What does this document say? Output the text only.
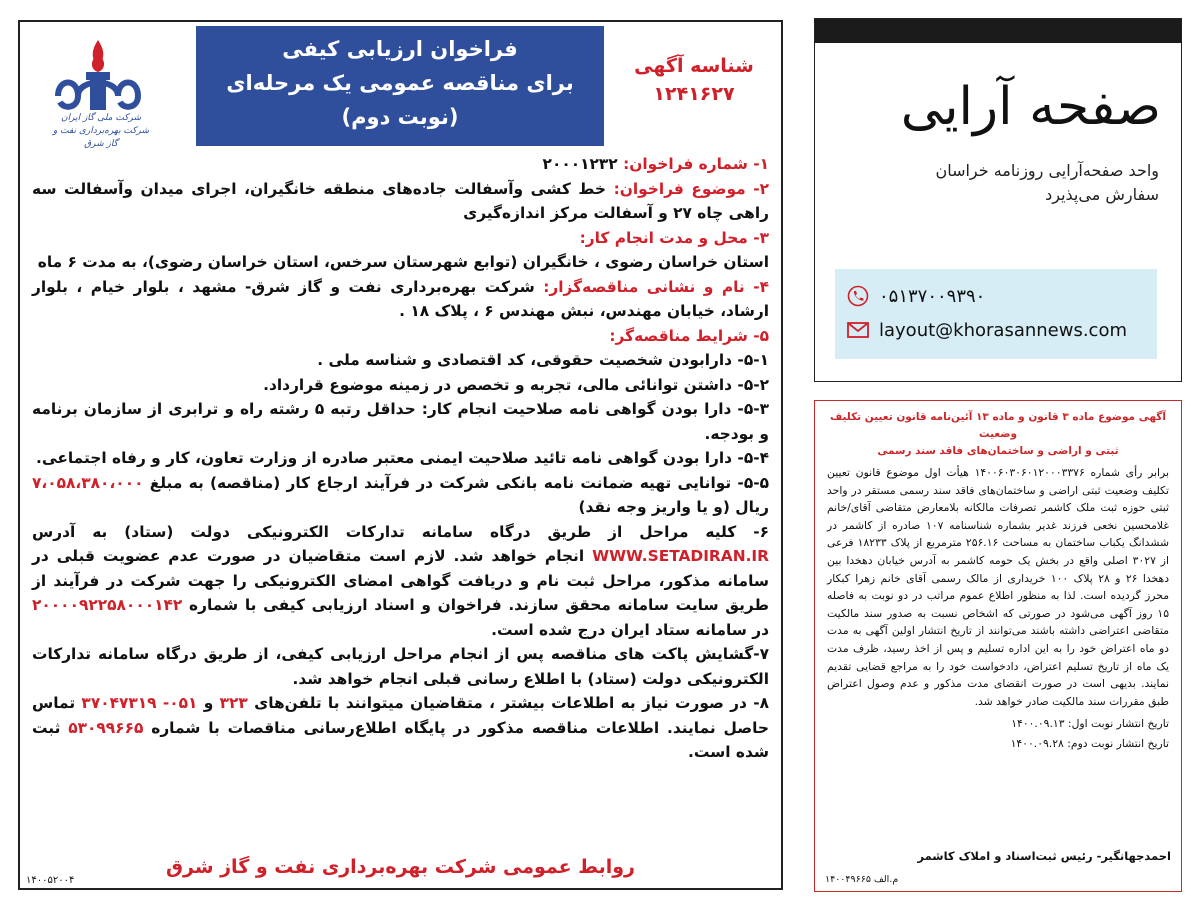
شرکت ملی گاز ایران
شرکت بهره‌برداری نفت و گاز شرق
فراخوان ارزیابی کیفی
برای مناقصه عمومی یک مرحله‌ای
(نوبت دوم)
شناسه آگهی
۱۲۴۱۶۲۷

۱- شماره فراخوان: ۲۰۰۰۱۲۳۲

۲- موضوع فراخوان: خط کشی وآسفالت جاده‌های منطقه خانگیران، اجرای میدان وآسفالت سه راهی چاه ۲۷ و آسفالت مرکز اندازه‌گیری

۳- محل و مدت انجام کار:

استان خراسان رضوی ، خانگیران (توابع شهرستان سرخس، استان خراسان رضوی)، به مدت ۶ ماه

۴- نام و نشانی مناقصه‌گزار: شرکت بهره‌برداری نفت و گاز شرق- مشهد ، بلوار خیام ، بلوار ارشاد، خیابان مهندس، نبش مهندس ۶ ، پلاک ۱۸ .

۵- شرایط مناقصه‌گر:

۵-۱- دارابودن شخصیت حقوقی، کد اقتصادی و شناسه ملی .

۵-۲- داشتن توانائی مالی، تجربه و تخصص در زمینه موضوع قرارداد.

۵-۳- دارا بودن گواهی نامه صلاحیت انجام کار: حداقل رتبه ۵ رشته راه و ترابری از سازمان برنامه و بودجه.

۵-۴- دارا بودن گواهی نامه تائید صلاحیت ایمنی معتبر صادره از وزارت تعاون، کار و رفاه اجتماعی.

۵-۵- توانایی تهیه ضمانت نامه بانکی شرکت در فرآیند ارجاع کار (مناقصه) به مبلغ ۷،۰۵۸،۳۸۰،۰۰۰ ریال (و یا واریز وجه نقد)

۶- کلیه مراحل از طریق درگاه سامانه تدارکات الکترونیکی دولت (ستاد) به آدرس WWW.SETADIRAN.IR انجام خواهد شد. لازم است متقاضیان در صورت عدم عضویت قبلی در سامانه مذکور، مراحل ثبت نام و دریافت گواهی امضای الکترونیکی را جهت شرکت در فرآیند از طریق سایت سامانه محقق سازند. فراخوان و اسناد ارزیابی کیفی با شماره ۲۰۰۰۰۹۲۲۵۸۰۰۰۱۴۲ در سامانه ستاد ایران درج شده است.

۷-گشایش پاکت های مناقصه پس از انجام مراحل ارزیابی کیفی، از طریق درگاه سامانه تدارکات الکترونیکی دولت (ستاد) با اطلاع رسانی قبلی انجام خواهد شد.

۸- در صورت نیاز به اطلاعات بیشتر ، متقاضیان میتوانند با تلفن‌های ۳۲۳ و ۰۵۱- ۳۷۰۴۷۳۱۹ تماس حاصل نمایند. اطلاعات مناقصه مذکور در پایگاه اطلاع‌رسانی مناقصات با شماره ۵۳۰۹۹۶۶۵ ثبت شده است.

روابط عمومی شرکت بهره‌برداری نفت و گاز شرق
۱۴۰۰۵۲۰۰۴
صفحه آرایی
واحد صفحه‌آرایی روزنامه خراسان
سفارش می‌پذیرد
۰۵۱۳۷۰۰۹۳۹۰
layout@khorasannews.com
آگهی موضوع ماده ۳ قانون و ماده ۱۳ آئین‌نامه قانون تعیین تکلیف وضعیت
ثبتی و اراضی و ساختمان‌های فاقد سند رسمی
برابر رأی شماره ۱۴۰۰۶۰۳۰۶۰۱۲۰۰۰۳۳۷۶ هیأت اول موضوع قانون تعیین تکلیف وضعیت ثبتی اراضی و ساختمان‌های فاقد سند رسمی مستقر در واحد ثبتی حوزه ثبت ملک کاشمر تصرفات مالکانه بلامعارض متقاضی آقای/خانم غلامحسین نخعی فرزند غدیر بشماره شناسنامه ۱۰۷ صادره از کاشمر در ششدانگ یکباب ساختمان به مساحت ۲۵۶.۱۶ مترمربع از پلاک ۱۸۲۳۳ فرعی از ۳۰۲۷ اصلی واقع در بخش یک حومه کاشمر به آدرس خیابان دهخدا بین دهخدا ۲۶ و ۲۸ پلاک ۱۰۰ خریداری از مالک رسمی آقای خانم زهرا کبکار محرز گردیده است. لذا به منظور اطلاع عموم مراتب در دو نوبت به فاصله ۱۵ روز آگهی می‌شود در صورتی که اشخاص نسبت به صدور سند مالکیت متقاضی اعتراضی داشته باشند می‌توانند از تاریخ انتشار اولین آگهی به مدت دو ماه اعتراض خود را به این اداره تسلیم و پس از اخذ رسید، ظرف مدت یک ماه از تاریخ تسلیم اعتراض، دادخواست خود را به مراجع قضایی تقدیم نمایند. بدیهی است در صورت انقضای مدت مذکور و عدم وصول اعتراض طبق مقررات سند مالکیت صادر خواهد شد.
تاریخ انتشار نوبت اول: ۱۴۰۰.۰۹.۱۳
تاریخ انتشار نوبت دوم: ۱۴۰۰.۰۹.۲۸
احمدجهانگیر- رئیس ثبت‌اسناد و املاک کاشمر
م.الف ۱۴۰۰۴۹۶۶۵
